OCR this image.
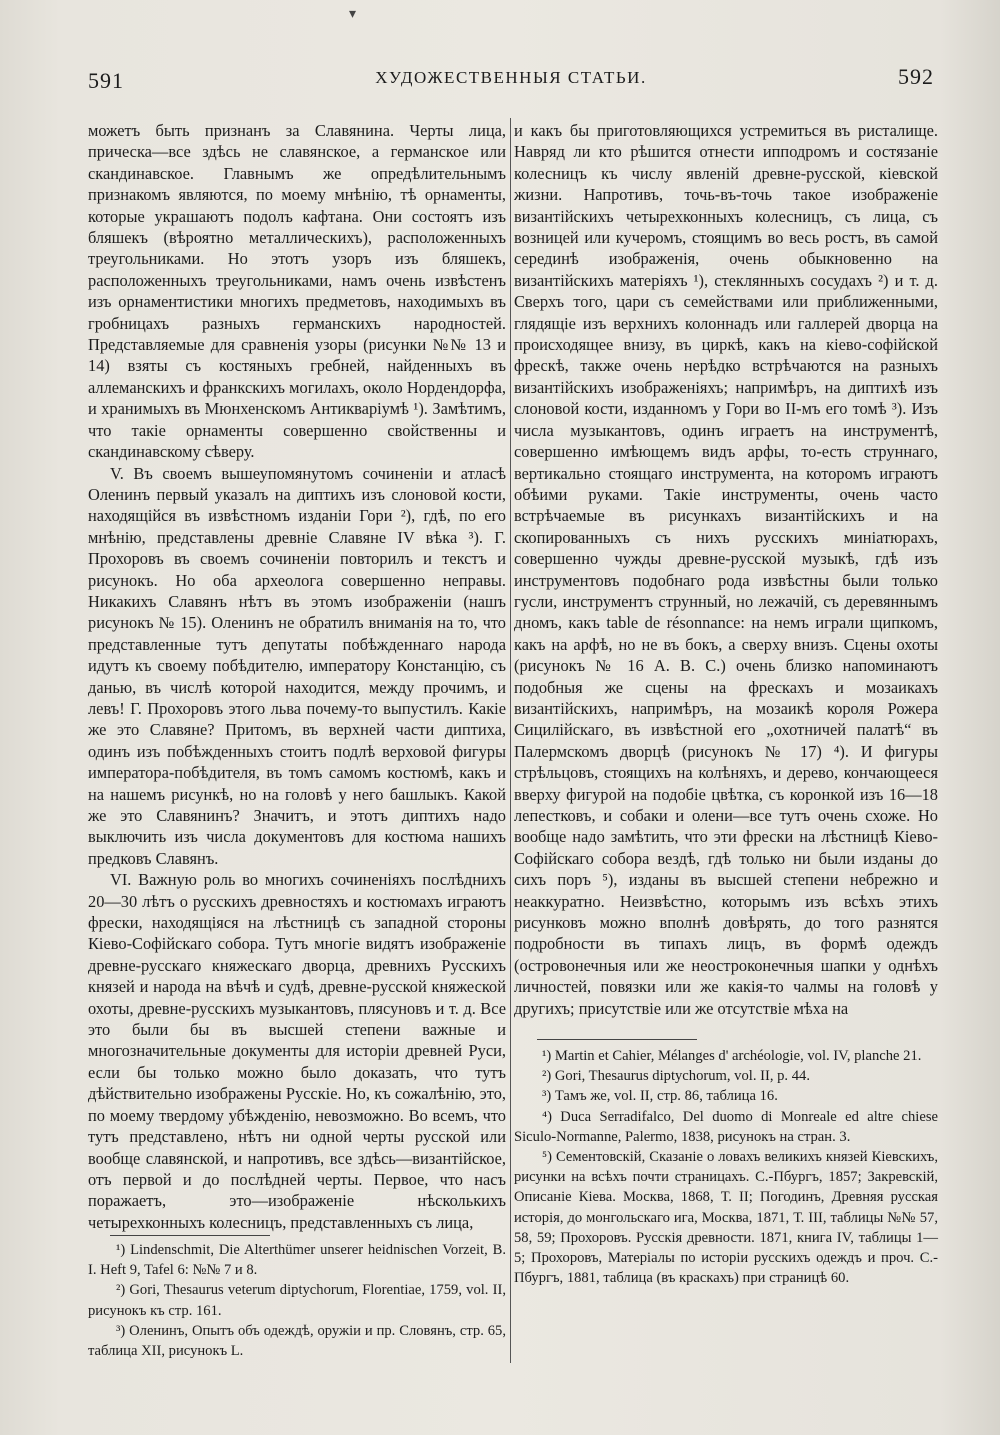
▾
591	ХУДОЖЕСТВЕННЫЯ СТАТЬИ.	592

можетъ быть признанъ за Славянина. Черты лица, прическа—все здѣсь не славянское, а германское или скандинавское. Главнымъ же опредѣлительнымъ признакомъ являются, по моему мнѣнію, тѣ орнаменты, которые украшаютъ подолъ кафтана. Они состоятъ изъ бляшекъ (вѣроятно металлическихъ), расположенныхъ треугольниками. Но этотъ узоръ изъ бляшекъ, расположенныхъ треугольниками, намъ очень извѣстенъ изъ орнаментистики многихъ предметовъ, находимыхъ въ гробницахъ разныхъ германскихъ народностей. Представляемые для сравненія узоры (рисунки №№ 13 и 14) взяты съ костяныхъ гребней, найденныхъ въ аллеманскихъ и франкскихъ могилахъ, около Нордендорфа, и хранимыхъ въ Мюнхенскомъ Антикваріумѣ ¹). Замѣтимъ, что такіе орнаменты совершенно свойственны и скандинавскому сѣверу.

V. Въ своемъ вышеупомянутомъ сочиненіи и атласѣ Оленинъ первый указалъ на диптихъ изъ слоновой кости, находящійся въ извѣстномъ изданіи Гори ²), гдѣ, по его мнѣнію, представлены древніе Славяне IV вѣка ³). Г. Прохоровъ въ своемъ сочиненіи повторилъ и текстъ и рисунокъ. Но оба археолога совершенно неправы. Никакихъ Славянъ нѣтъ въ этомъ изображеніи (нашъ рисунокъ № 15). Оленинъ не обратилъ вниманія на то, что представленные тутъ депутаты побѣжденнаго народа идутъ къ своему побѣдителю, императору Констанцію, съ данью, въ числѣ которой находится, между прочимъ, и левъ! Г. Прохоровъ этого льва почему-то выпустилъ. Какіе же это Славяне? Притомъ, въ верхней части диптиха, одинъ изъ побѣжденныхъ стоитъ подлѣ верховой фигуры императора-побѣдителя, въ томъ самомъ костюмѣ, какъ и на нашемъ рисункѣ, но на головѣ у него башлыкъ. Какой же это Славянинъ? Значитъ, и этотъ диптихъ надо выключить изъ числа документовъ для костюма нашихъ предковъ Славянъ.

VI. Важную роль во многихъ сочиненіяхъ послѣднихъ 20—30 лѣтъ о русскихъ древностяхъ и костюмахъ играютъ фрески, находящіяся на лѣстницѣ съ западной стороны Кіево-Софійскаго собора. Тутъ многіе видятъ изображеніе древне-русскаго княжескаго дворца, древнихъ Русскихъ князей и народа на вѣчѣ и судѣ, древне-русской княжеской охоты, древне-русскихъ музыкантовъ, плясуновъ и т. д. Все это были бы въ высшей степени важные и многозначительные документы для исторіи древней Руси, если бы только можно было доказать, что тутъ дѣйствительно изображены Русскіе. Но, къ сожалѣнію, это, по моему твердому убѣжденію, невозможно. Во всемъ, что тутъ представлено, нѣтъ ни одной черты русской или вообще славянской, и напротивъ, все здѣсь—византійское, отъ первой и до послѣдней черты. Первое, что насъ поражаетъ, это—изображеніе нѣсколькихъ четырехконныхъ колесницъ, представленныхъ съ лица,

и какъ бы приготовляющихся устремиться въ ристалище. Навряд ли кто рѣшится отнести ипподромъ и состязаніе колесницъ къ числу явленій древне-русской, кіевской жизни. Напротивъ, точь-въ-точь такое изображеніе византійскихъ четырехконныхъ колесницъ, съ лица, съ возницей или кучеромъ, стоящимъ во весь ростъ, въ самой серединѣ изображенія, очень обыкновенно на византійскихъ матеріяхъ ¹), стеклянныхъ сосудахъ ²) и т. д. Сверхъ того, цари съ семействами или приближенными, глядящіе изъ верхнихъ колоннадъ или галлерей дворца на происходящее внизу, въ циркѣ, какъ на кіево-софійской фрескѣ, также очень нерѣдко встрѣчаются на разныхъ византійскихъ изображеніяхъ; напримѣръ, на диптихѣ изъ слоновой кости, изданномъ у Гори во II-мъ его томѣ ³). Изъ числа музыкантовъ, одинъ играетъ на инструментѣ, совершенно имѣющемъ видъ арфы, то-есть струннаго, вертикально стоящаго инструмента, на которомъ играютъ обѣими руками. Такіе инструменты, очень часто встрѣчаемые въ рисункахъ византійскихъ и на скопированныхъ съ нихъ русскихъ миніатюрахъ, совершенно чужды древне-русской музыкѣ, гдѣ изъ инструментовъ подобнаго рода извѣстны были только гусли, инструментъ струнный, но лежачій, съ деревяннымъ дномъ, какъ table de résonnance: на немъ играли щипкомъ, какъ на арфѣ, но не въ бокъ, а сверху внизъ. Сцены охоты (рисунокъ № 16 A. B. C.) очень близко напоминаютъ подобныя же сцены на фрескахъ и мозаикахъ византійскихъ, напримѣръ, на мозаикѣ короля Рожера Сицилійскаго, въ извѣстной его „охотничей палатѣ“ въ Палермскомъ дворцѣ (рисунокъ № 17) ⁴). И фигуры стрѣльцовъ, стоящихъ на колѣняхъ, и дерево, кончающееся вверху фигурой на подобіе цвѣтка, съ коронкой изъ 16—18 лепестковъ, и собаки и олени—все тутъ очень схоже. Но вообще надо замѣтить, что эти фрески на лѣстницѣ Кіево-Софійскаго собора вездѣ, гдѣ только ни были изданы до сихъ поръ ⁵), изданы въ высшей степени небрежно и неаккуратно. Неизвѣстно, которымъ изъ всѣхъ этихъ рисунковъ можно вполнѣ довѣрять, до того разнятся подробности въ типахъ лицъ, въ формѣ одеждъ (островонечныя или же неостроконечныя шапки у однѣхъ личностей, повязки или же какія-то чалмы на головѣ у другихъ; присутствіе или же отсутствіе мѣха на

¹) Lindenschmit, Die Alterthümer unserer heidnischen Vorzeit, B. I. Heft 9, Tafel 6: №№ 7 и 8.

²) Gori, Thesaurus veterum diptychorum, Florentiae, 1759, vol. II, рисунокъ къ стр. 161.

³) Оленинъ, Опытъ объ одеждѣ, оружіи и пр. Словянъ, стр. 65, таблица XII, рисунокъ L.

¹) Martin et Cahier, Mélanges d' archéologie, vol. IV, planche 21.

²) Gori, Thesaurus diptychorum, vol. II, p. 44.

³) Тамъ же, vol. II, стр. 86, таблица 16.

⁴) Duca Serradifalco, Del duomo di Monreale ed altre chiese Siculo-Normanne, Palermo, 1838, рисунокъ на стран. 3.

⁵) Сементовскій, Сказаніе о ловахъ великихъ князей Кіевскихъ, рисунки на всѣхъ почти страницахъ. С.-Пбургъ, 1857; Закревскій, Описаніе Кіева. Москва, 1868, Т. II; Погодинъ, Древняя русская исторія, до монгольскаго ига, Москва, 1871, Т. III, таблицы №№ 57, 58, 59; Прохоровъ. Русскія древности. 1871, книга IV, таблицы 1—5; Прохоровъ, Матеріалы по исторіи русскихъ одеждъ и проч. С.-Пбургъ, 1881, таблица (въ краскахъ) при страницѣ 60.
